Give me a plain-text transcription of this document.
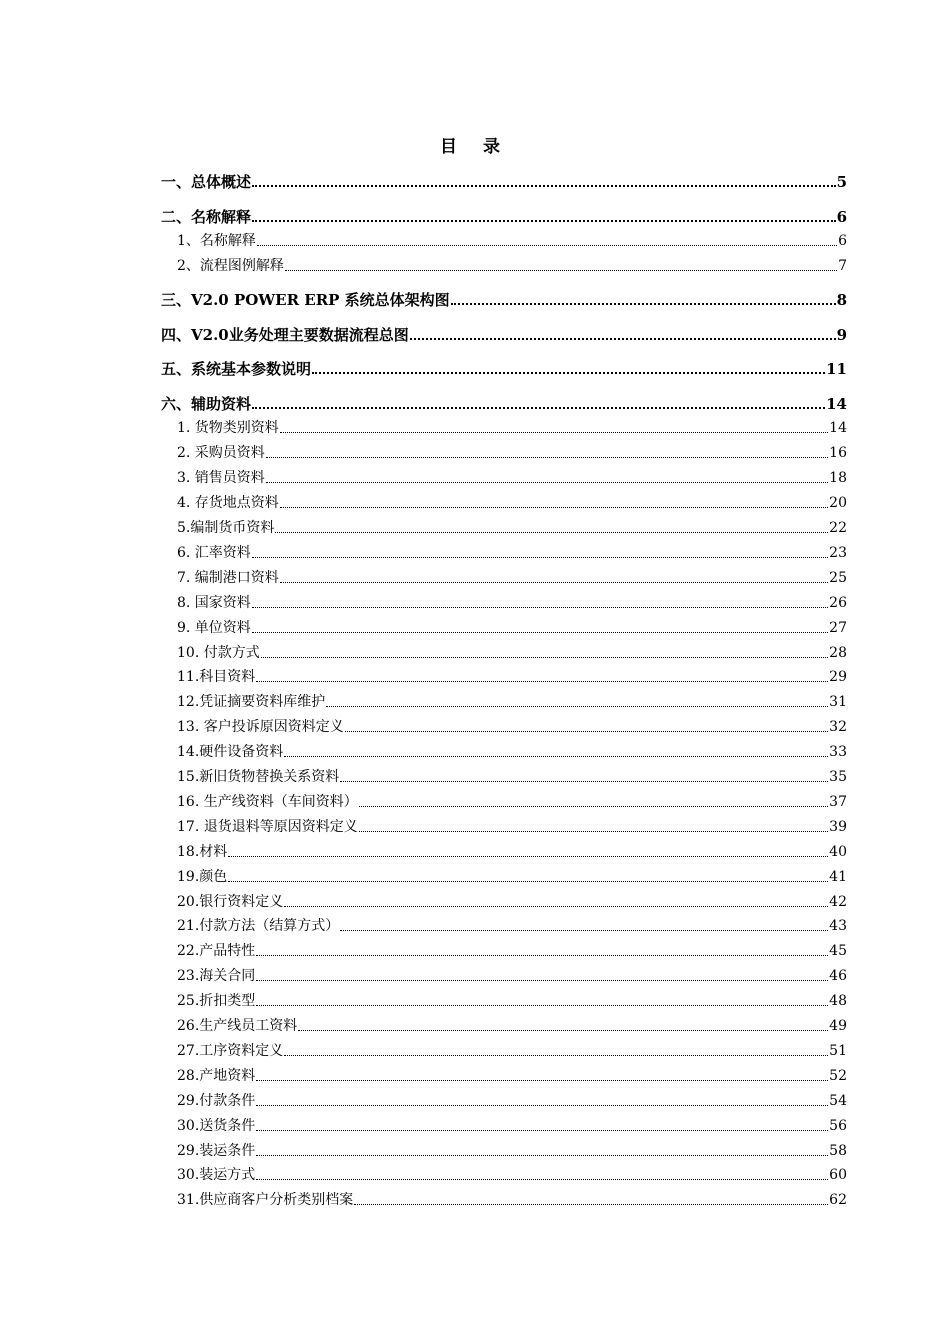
目 录
一、总体概述	5
二、名称解释	6
1、名称解释	6
2、流程图例解释	7
三、V2.0 POWER ERP 系统总体架构图	8
四、V2.0业务处理主要数据流程总图	9
五、系统基本参数说明	11
六、辅助资料	14
1. 货物类别资料	14
2. 采购员资料	16
3. 销售员资料	18
4. 存货地点资料	20
5.编制货币资料	22
6. 汇率资料	23
7. 编制港口资料	25
8. 国家资料	26
9. 单位资料	27
10. 付款方式	28
11.科目资料	29
12.凭证摘要资料库维护	31
13. 客户投诉原因资料定义	32
14.硬件设备资料	33
15.新旧货物替换关系资料	35
16. 生产线资料（车间资料）	37
17. 退货退料等原因资料定义	39
18.材料	40
19.颜色	41
20.银行资料定义	42
21.付款方法（结算方式）	43
22.产品特性	45
23.海关合同	46
25.折扣类型	48
26.生产线员工资料	49
27.工序资料定义	51
28.产地资料	52
29.付款条件	54
30.送货条件	56
29.装运条件	58
30.装运方式	60
31.供应商客户分析类别档案	62
